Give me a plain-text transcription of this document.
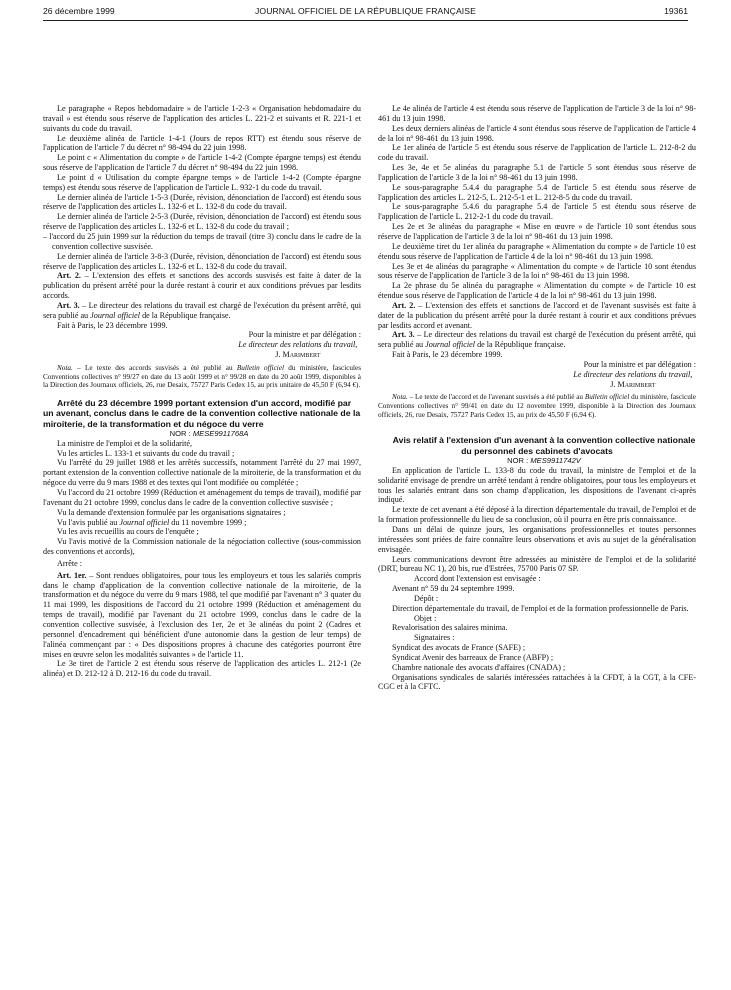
26 décembre 1999	JOURNAL OFFICIEL DE LA RÉPUBLIQUE FRANÇAISE	19361

Le paragraphe « Repos hebdomadaire » de l'article 1-2-3 « Organisation hebdomadaire du travail » est étendu sous réserve de l'application des articles L. 221-2 et suivants et R. 221-1 et suivants du code du travail.

Le deuxième alinéa de l'article 1-4-1 (Jours de repos RTT) est étendu sous réserve de l'application de l'article 7 du décret n° 98-494 du 22 juin 1998.

Le point c « Alimentation du compte » de l'article 1-4-2 (Compte épargne temps) est étendu sous réserve de l'application de l'article 7 du décret n° 98-494 du 22 juin 1998.

Le point d « Utilisation du compte épargne temps » de l'article 1-4-2 (Compte épargne temps) est étendu sous réserve de l'application de l'article L. 932-1 du code du travail.

Le dernier alinéa de l'article 1-5-3 (Durée, révision, dénonciation de l'accord) est étendu sous réserve de l'application des articles L. 132-6 et L. 132-8 du code du travail.

Le dernier alinéa de l'article 2-5-3 (Durée, révision, dénonciation de l'accord) est étendu sous réserve de l'application des articles L. 132-6 et L. 132-8 du code du travail ;

– l'accord du 25 juin 1999 sur la réduction du temps de travail (titre 3) conclu dans le cadre de la convention collective susvisée.

Le dernier alinéa de l'article 3-8-3 (Durée, révision, dénonciation de l'accord) est étendu sous réserve de l'application des articles L. 132-6 et L. 132-8 du code du travail.

Art. 2. – L'extension des effets et sanctions des accords susvisés est faite à dater de la publication du présent arrêté pour la durée restant à courir et aux conditions prévues par lesdits accords.

Art. 3. – Le directeur des relations du travail est chargé de l'exécution du présent arrêté, qui sera publié au Journal officiel de la République française.

Fait à Paris, le 23 décembre 1999.

Pour la ministre et par délégation :
Le directeur des relations du travail,
J. Marimbert

Nota. – Le texte des accords susvisés a été publié au Bulletin officiel du ministère, fascicules Conventions collectives n° 99/27 en date du 13 août 1999 et n° 99/28 en date du 20 août 1999, disponibles à la Direction des Journaux officiels, 26, rue Desaix, 75727 Paris Cedex 15, au prix unitaire de 45,50 F (6,94 €).

Arrêté du 23 décembre 1999 portant extension d'un accord, modifié par un avenant, conclus dans le cadre de la convention collective nationale de la miroiterie, de la transformation et du négoce du verre

NOR : MESE9911768A

La ministre de l'emploi et de la solidarité,

Vu les articles L. 133-1 et suivants du code du travail ;

Vu l'arrêté du 29 juillet 1988 et les arrêtés successifs, notamment l'arrêté du 27 mai 1997, portant extension de la convention collective nationale de la miroiterie, de la transformation et du négoce du verre du 9 mars 1988 et des textes qui l'ont modifiée ou complétée ;

Vu l'accord du 21 octobre 1999 (Réduction et aménagement du temps de travail), modifié par l'avenant du 21 octobre 1999, conclus dans le cadre de la convention collective susvisée ;

Vu la demande d'extension formulée par les organisations signataires ;

Vu l'avis publié au Journal officiel du 11 novembre 1999 ;

Vu les avis recueillis au cours de l'enquête ;

Vu l'avis motivé de la Commission nationale de la négociation collective (sous-commission des conventions et accords),

Arrête :

Art. 1er. – Sont rendues obligatoires, pour tous les employeurs et tous les salariés compris dans le champ d'application de la convention collective nationale de la miroiterie, de la transformation et du négoce du verre du 9 mars 1988, tel que modifié par l'avenant n° 3 quater du 11 mai 1999, les dispositions de l'accord du 21 octobre 1999 (Réduction et aménagement du temps de travail), modifié par l'avenant du 21 octobre 1999, conclus dans le cadre de la convention collective susvisée, à l'exclusion des 1er, 2e et 3e alinéas du point 2 (Cadres et personnel d'encadrement qui bénéficient d'une autonomie dans la gestion de leur temps) de l'alinéa commençant par : « Des dispositions propres à chacune des catégories pourront être mises en œuvre selon les modalités suivantes » de l'article 11.

Le 3e tiret de l'article 2 est étendu sous réserve de l'application des articles L. 212-1 (2e alinéa) et D. 212-12 à D. 212-16 du code du travail.

Le 4e alinéa de l'article 4 est étendu sous réserve de l'application de l'article 3 de la loi n° 98-461 du 13 juin 1998.

Les deux derniers alinéas de l'article 4 sont étendus sous réserve de l'application de l'article 4 de la loi n° 98-461 du 13 juin 1998.

Le 1er alinéa de l'article 5 est étendu sous réserve de l'application de l'article L. 212-8-2 du code du travail.

Les 3e, 4e et 5e alinéas du paragraphe 5.1 de l'article 5 sont étendus sous réserve de l'application de l'article 3 de la loi n° 98-461 du 13 juin 1998.

Le sous-paragraphe 5.4.4 du paragraphe 5.4 de l'article 5 est étendu sous réserve de l'application des articles L. 212-5, L. 212-5-1 et L. 212-8-5 du code du travail.

Le sous-paragraphe 5.4.6 du paragraphe 5.4 de l'article 5 est étendu sous réserve de l'application de l'article L. 212-2-1 du code du travail.

Les 2e et 3e alinéas du paragraphe « Mise en œuvre » de l'article 10 sont étendus sous réserve de l'application de l'article 3 de la loi n° 98-461 du 13 juin 1998.

Le deuxième tiret du 1er alinéa du paragraphe « Alimentation du compte » de l'article 10 est étendu sous réserve de l'application de l'article 4 de la loi n° 98-461 du 13 juin 1998.

Les 3e et 4e alinéas du paragraphe « Alimentation du compte » de l'article 10 sont étendus sous réserve de l'application de l'article 3 de la loi n° 98-461 du 13 juin 1998.

La 2e phrase du 5e alinéa du paragraphe « Alimentation du compte » de l'article 10 est étendue sous réserve de l'application de l'article 4 de la loi n° 98-461 du 13 juin 1998.

Art. 2. – L'extension des effets et sanctions de l'accord et de l'avenant susvisés est faite à dater de la publication du présent arrêté pour la durée restant à courir et aux conditions prévues par lesdits accord et avenant.

Art. 3. – Le directeur des relations du travail est chargé de l'exécution du présent arrêté, qui sera publié au Journal officiel de la République française.

Fait à Paris, le 23 décembre 1999.

Pour la ministre et par délégation :
Le directeur des relations du travail,
J. Marimbert

Nota. – Le texte de l'accord et de l'avenant susvisés a été publié au Bulletin officiel du ministère, fascicule Conventions collectives n° 99/41 en date du 12 novembre 1999, disponible à la Direction des Journaux officiels, 26, rue Desaix, 75727 Paris Cedex 15, au prix de 45,50 F (6,94 €).

Avis relatif à l'extension d'un avenant à la convention collective nationale du personnel des cabinets d'avocats

NOR : MES9911742V

En application de l'article L. 133-8 du code du travail, la ministre de l'emploi et de la solidarité envisage de prendre un arrêté tendant à rendre obligatoires, pour tous les employeurs et tous les salariés entrant dans son champ d'application, les dispositions de l'avenant ci-après indiqué.

Le texte de cet avenant a été déposé à la direction départementale du travail, de l'emploi et de la formation professionnelle du lieu de sa conclusion, où il pourra en être pris connaissance.

Dans un délai de quinze jours, les organisations professionnelles et toutes personnes intéressées sont priées de faire connaître leurs observations et avis au sujet de la généralisation envisagée.

Leurs communications devront être adressées au ministère de l'emploi et de la solidarité (DRT, bureau NC 1), 20 bis, rue d'Estrées, 75700 Paris 07 SP.

Accord dont l'extension est envisagée :

Avenant n° 59 du 24 septembre 1999.

Dépôt :

Direction départementale du travail, de l'emploi et de la formation professionnelle de Paris.

Objet :

Revalorisation des salaires minima.

Signataires :

Syndicat des avocats de France (SAFE) ;

Syndicat Avenir des barreaux de France (ABFP) ;

Chambre nationale des avocats d'affaires (CNADA) ;

Organisations syndicales de salariés intéressées rattachées à la CFDT, à la CGT, à la CFE-CGC et à la CFTC.
